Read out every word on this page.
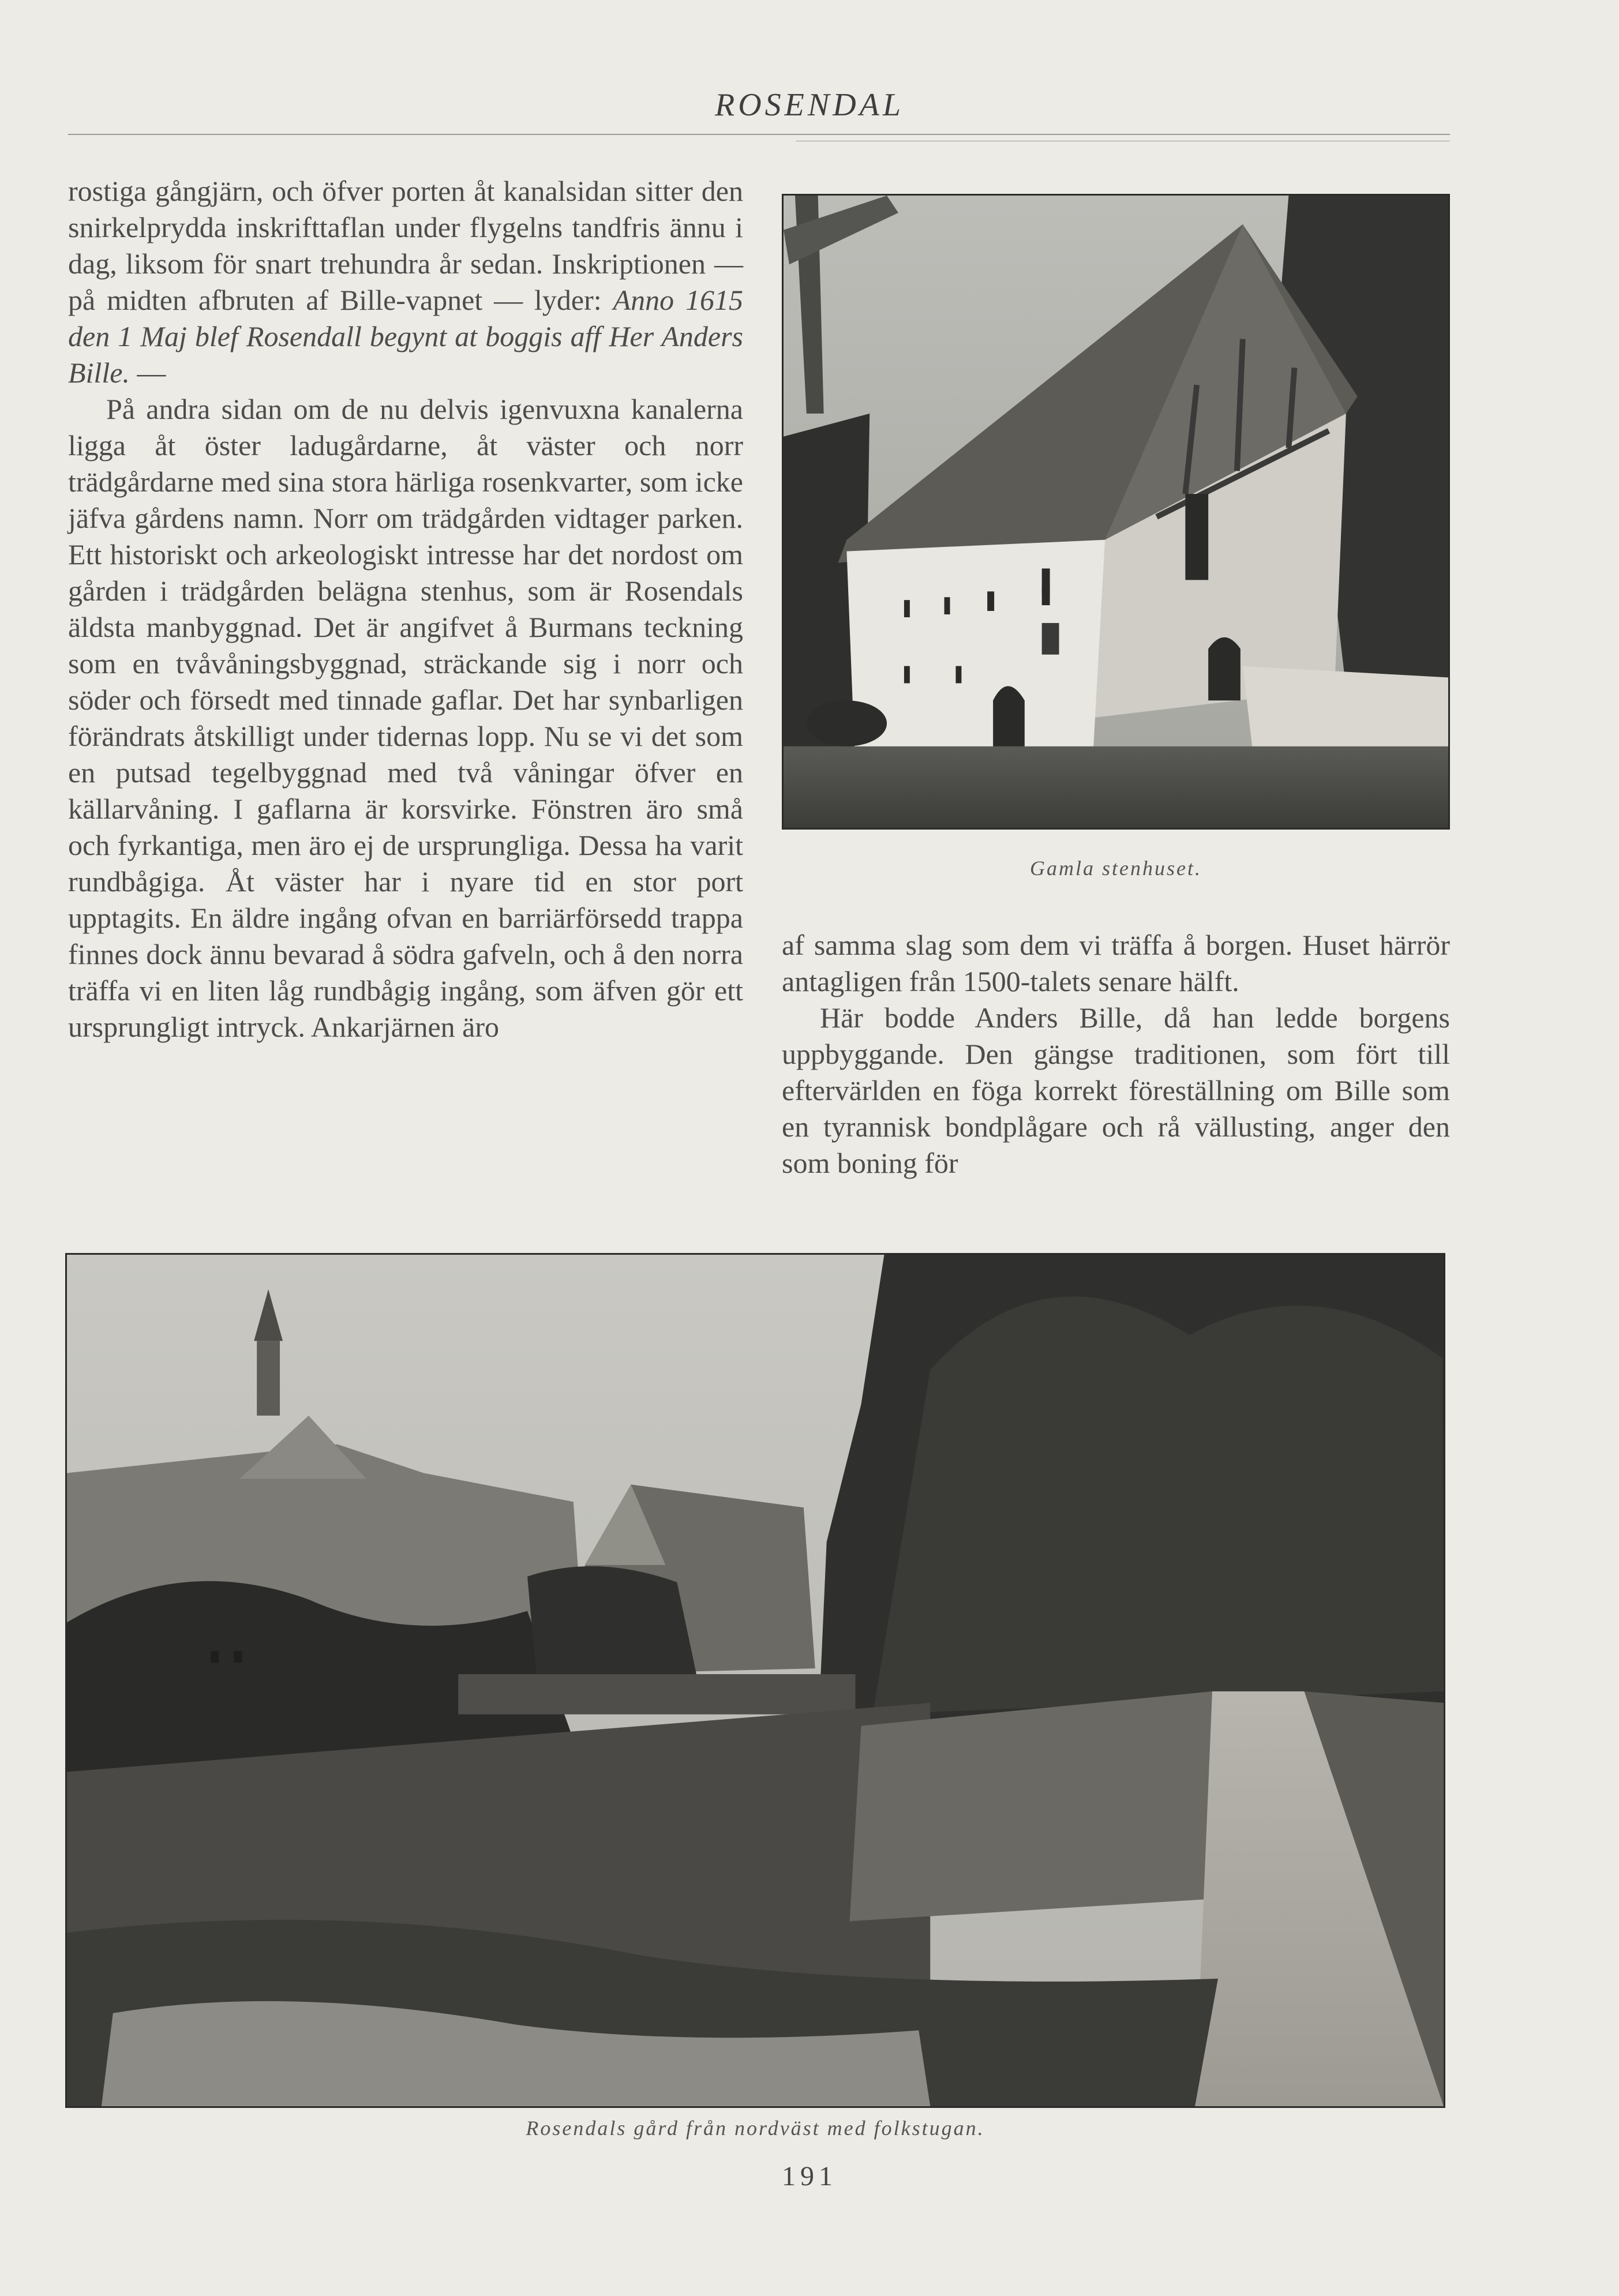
ROSENDAL

rostiga gångjärn, och öfver porten åt kanalsidan sitter den snirkelprydda inskrifttaflan under flygelns tandfris ännu i dag, liksom för snart trehundra år sedan. Inskriptionen — på midten afbruten af Bille-vapnet — lyder: Anno 1615 den 1 Maj blef Rosendall begynt at boggis aff Her Anders Bille. —

På andra sidan om de nu delvis igenvuxna kanalerna ligga åt öster ladugårdarne, åt väster och norr trädgårdarne med sina stora härliga rosenkvarter, som icke jäfva gårdens namn. Norr om trädgården vidtager parken. Ett historiskt och arkeologiskt intresse har det nordost om gården i trädgården belägna stenhus, som är Rosendals äldsta manbyggnad. Det är angifvet å Burmans teckning som en tvåvåningsbyggnad, sträckande sig i norr och söder och försedt med tinnade gaflar. Det har synbarligen förändrats åtskilligt under tidernas lopp. Nu se vi det som en putsad tegelbyggnad med två våningar öfver en källarvåning. I gaflarna är korsvirke. Fönstren äro små och fyrkantiga, men äro ej de ursprungliga. Dessa ha varit rundbågiga. Åt väster har i nyare tid en stor port upptagits. En äldre ingång ofvan en barriärförsedd trappa finnes dock ännu bevarad å södra gafveln, och å den norra träffa vi en liten låg rundbågig ingång, som äfven gör ett ursprungligt intryck. Ankarjärnen äro

Gamla stenhuset.

af samma slag som dem vi träffa å borgen. Huset härrör antagligen från 1500-talets senare hälft.

Här bodde Anders Bille, då han ledde borgens uppbyggande. Den gängse traditionen, som fört till eftervärlden en föga korrekt föreställning om Bille som en tyrannisk bondplågare och rå vällusting, anger den som boning för

Rosendals gård från nordväst med folkstugan.
191
